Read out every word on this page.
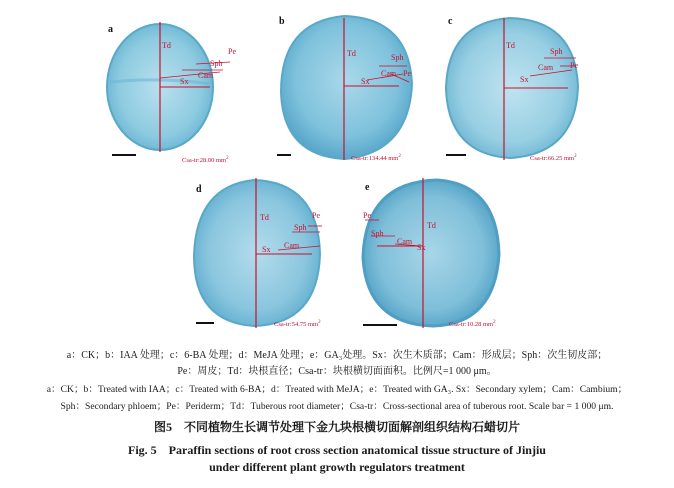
a
Td
Pe
Sph
Cam
Sx
Csa-tr:28.00 $mm^2$
b
Td	Sph
Pe
Cam
Sx
Csa-tr:134.44 $mm^2$
c
Td
Sph
Pe
Cam
Sx
Csa-tr:66.25 $mm^2$
d
Td	Pe
Sph
Cam
Sx
Csa-tr:54.75 $mm^2$
e
Pe
Td
Sph
Cam
Sx
Csa-tr:10.28 $mm^2$
a：CK；b：IAA 处理；c：6-BA 处理；d：MeJA 处理；e：GA₃处理。Sx：次生木质部；Cam：形成层；Sph：次生韧皮部；
Pe：周皮；Td：块根直径；Csa-tr：块根横切面面积。比例尺=1 000 μm。
a：CK；b：Treated with IAA；c：Treated with 6-BA；d：Treated with MeJA；e：Treated with GA₃. Sx：Secondary xylem；Cam：Cambium；
Sph：Secondary phloem；Pe：Periderm；Td：Tuberous root diameter；Csa-tr：Cross-sectional area of tuberous root. Scale bar = 1 000 μm.
图5　不同植物生长调节处理下金九块根横切面解剖组织结构石蜡切片
Fig. 5　Paraffin sections of root cross section anatomical tissue structure of Jinjiu
under different plant growth regulators treatment
